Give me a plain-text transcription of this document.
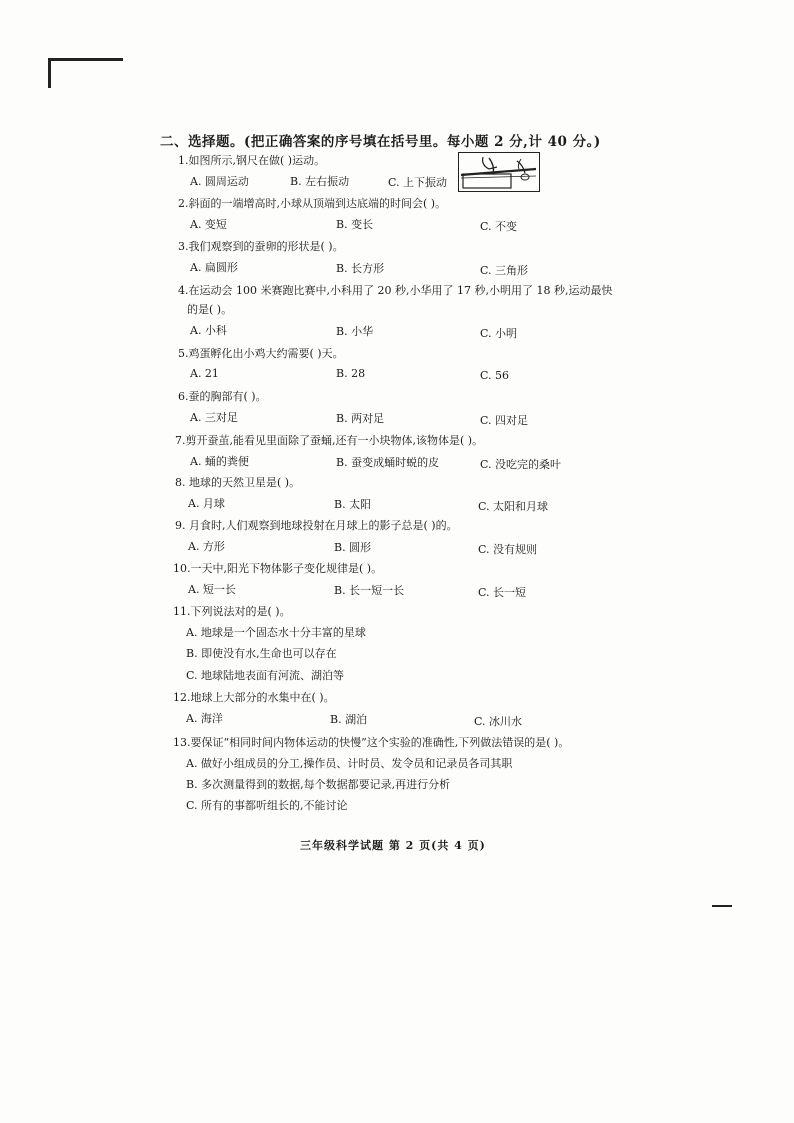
二、选择题。(把正确答案的序号填在括号里。每小题 2 分,计 40 分。)
1.如图所示,钢尺在做( )运动。
A. 圆周运动	B. 左右振动	C. 上下振动
2.斜面的一端增高时,小球从顶端到达底端的时间会( )。
A. 变短	B. 变长	C. 不变
3.我们观察到的蚕卵的形状是( )。
A. 扁圆形	B. 长方形	C. 三角形
4.在运动会 100 米赛跑比赛中,小科用了 20 秒,小华用了 17 秒,小明用了 18 秒,运动最快
的是( )。
A. 小科	B. 小华	C. 小明
5.鸡蛋孵化出小鸡大约需要( )天。
A. 21	B. 28	C. 56
6.蚕的胸部有( )。
A. 三对足	B. 两对足	C. 四对足
7.剪开蚕茧,能看见里面除了蚕蛹,还有一小块物体,该物体是( )。
A. 蛹的粪便	B. 蚕变成蛹时蜕的皮	C. 没吃完的桑叶
8. 地球的天然卫星是( )。
A. 月球	B. 太阳	C. 太阳和月球
9. 月食时,人们观察到地球投射在月球上的影子总是( )的。
A. 方形	B. 圆形	C. 没有规则
10.一天中,阳光下物体影子变化规律是( )。
A. 短一长	B. 长一短一长	C. 长一短
11.下列说法对的是( )。
A. 地球是一个固态水十分丰富的星球
B. 即使没有水,生命也可以存在
C. 地球陆地表面有河流、湖泊等
12.地球上大部分的水集中在( )。
A. 海洋	B. 湖泊	C. 冰川水
13.要保证“相同时间内物体运动的快慢”这个实验的准确性,下列做法错误的是( )。
A. 做好小组成员的分工,操作员、计时员、发令员和记录员各司其职
B. 多次测量得到的数据,每个数据都要记录,再进行分析
C. 所有的事都听组长的,不能讨论
三年级科学试题 第 2 页(共 4 页)
